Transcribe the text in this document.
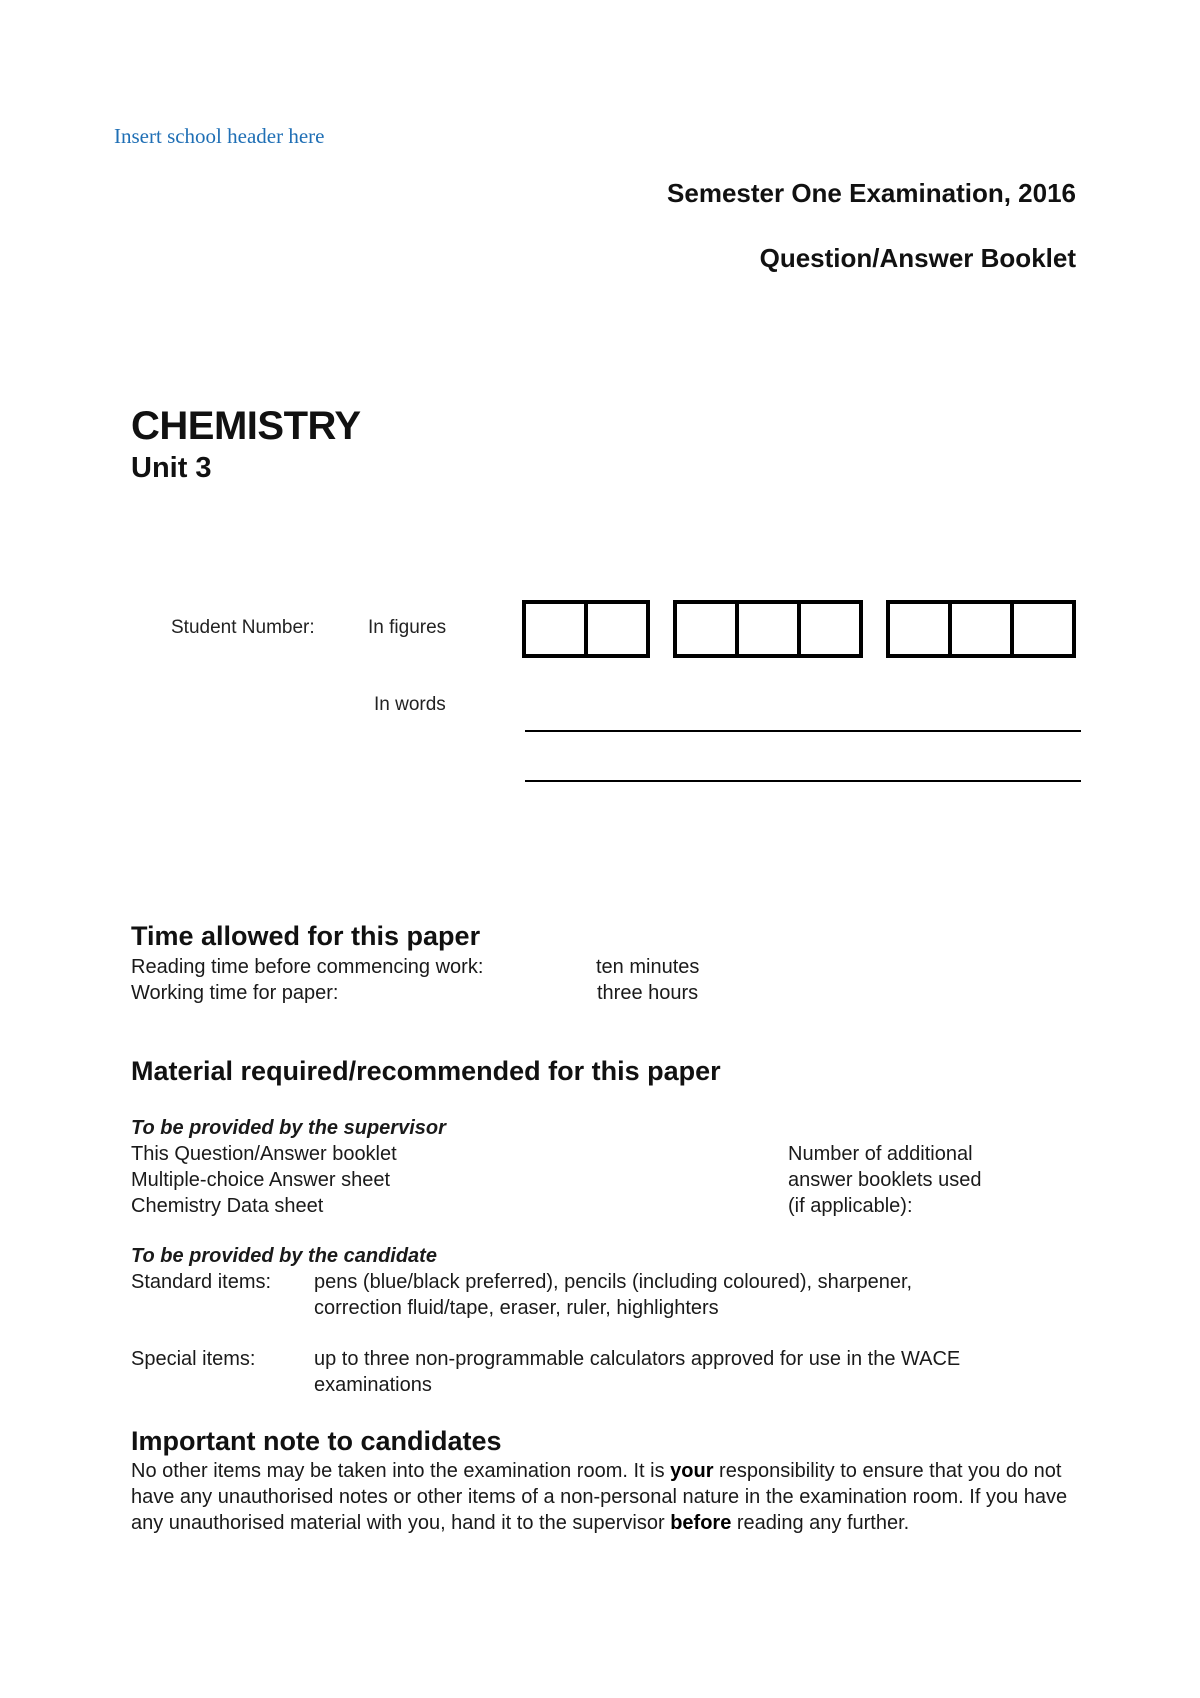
Insert school header here
Semester One Examination, 2016
Question/Answer Booklet
CHEMISTRY
Unit 3
Student Number:	In figures
In words
Time allowed for this paper
Reading time before commencing work:	ten minutes
Working time for paper:	three hours
Material required/recommended for this paper
To be provided by the supervisor
This Question/Answer booklet
Multiple-choice Answer sheet
Chemistry Data sheet
Number of additional
answer booklets used
(if applicable):
To be provided by the candidate
Standard items: pens (blue/black preferred), pencils (including coloured), sharpener,
correction fluid/tape, eraser, ruler, highlighters
Special items:	up to three non-programmable calculators approved for use in the WACE
examinations
Important note to candidates
No other items may be taken into the examination room. It is your responsibility to ensure that you do not have any unauthorised notes or other items of a non-personal nature in the examination room. If you have any unauthorised material with you, hand it to the supervisor before reading any further.
